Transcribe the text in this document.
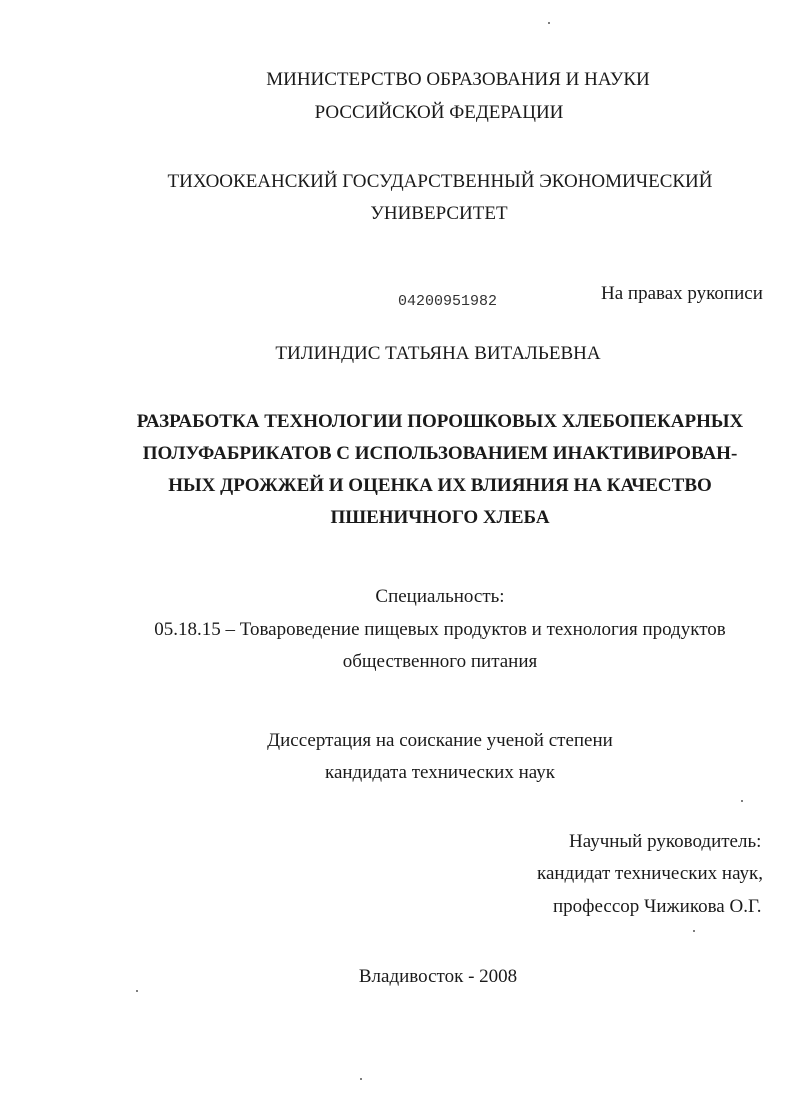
МИНИСТЕРСТВО ОБРАЗОВАНИЯ И НАУКИ
РОССИЙСКОЙ ФЕДЕРАЦИИ
ТИХООКЕАНСКИЙ ГОСУДАРСТВЕННЫЙ ЭКОНОМИЧЕСКИЙ
УНИВЕРСИТЕТ
04200951982	На правах рукописи
ТИЛИНДИС ТАТЬЯНА ВИТАЛЬЕВНА
РАЗРАБОТКА ТЕХНОЛОГИИ ПОРОШКОВЫХ ХЛЕБОПЕКАРНЫХ
ПОЛУФАБРИКАТОВ С ИСПОЛЬЗОВАНИЕМ ИНАКТИВИРОВАН-
НЫХ ДРОЖЖЕЙ И ОЦЕНКА ИХ ВЛИЯНИЯ НА КАЧЕСТВО
ПШЕНИЧНОГО ХЛЕБА
Специальность:
05.18.15 – Товароведение пищевых продуктов и технология продуктов
общественного питания
Диссертация на соискание ученой степени
кандидата технических наук
Научный руководитель:
кандидат технических наук,
профессор Чижикова О.Г.
Владивосток - 2008
